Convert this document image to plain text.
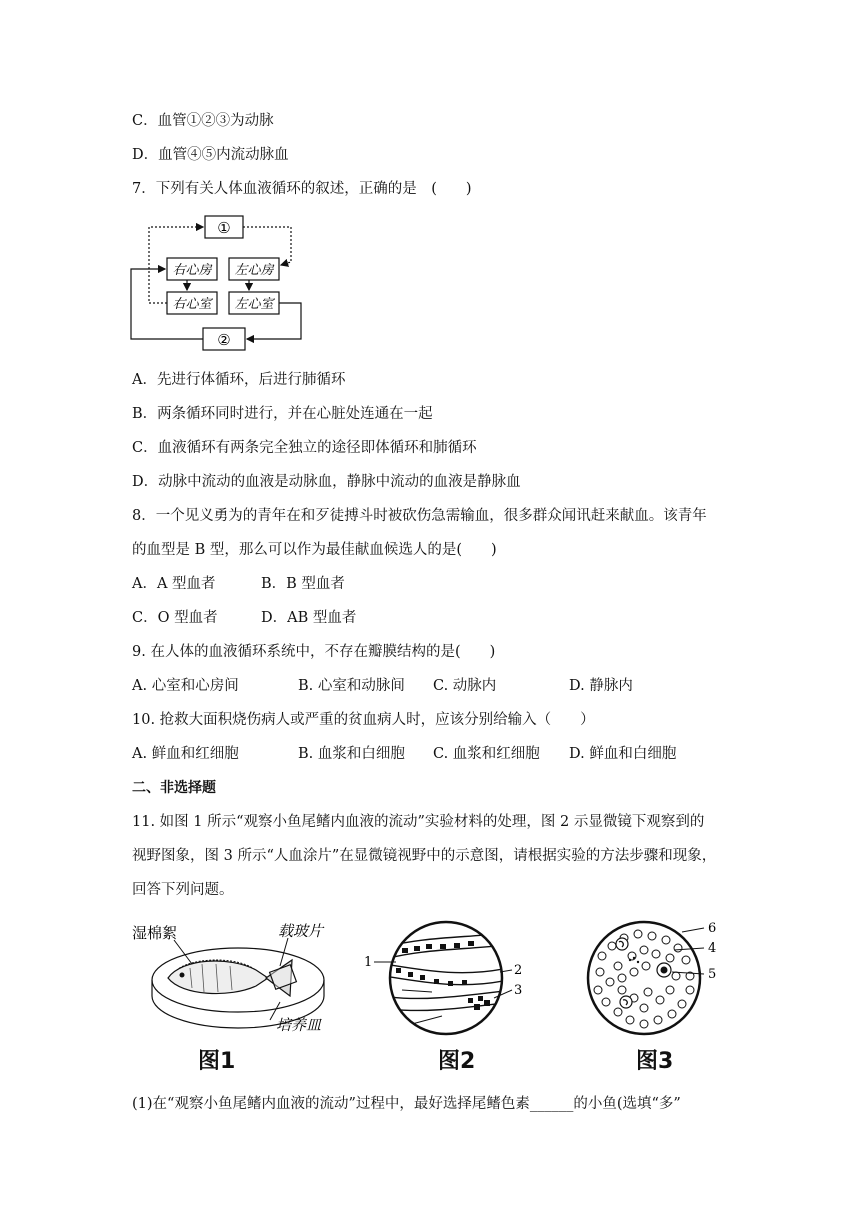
C．血管①②③为动脉
D．血管④⑤内流动脉血
7．下列有关人体血液循环的叙述，正确的是　(　　)
①
右心房 左心房
右心室 左心室
②
A．先进行体循环，后进行肺循环
B．两条循环同时进行，并在心脏处连通在一起
C．血液循环有两条完全独立的途径即体循环和肺循环
D．动脉中流动的血液是动脉血，静脉中流动的血液是静脉血
8．一个见义勇为的青年在和歹徒搏斗时被砍伤急需输血，很多群众闻讯赶来献血。该青年
的血型是 B 型，那么可以作为最佳献血候选人的是(　　)
A．A 型血者	B．B 型血者
C．O 型血者	D．AB 型血者
9. 在人体的血液循环系统中，不存在瓣膜结构的是(　　)
A. 心室和心房间	B. 心室和动脉间 C. 动脉内	D. 静脉内
10. 抢救大面积烧伤病人或严重的贫血病人时，应该分别给输入（　　）
A. 鲜血和红细胞	B. 血浆和白细胞 C. 血浆和红细胞 D. 鲜血和白细胞
二、非选择题
11. 如图 1 所示“观察小鱼尾鳍内血液的流动”实验材料的处理，图 2 示显微镜下观察到的
视野图象，图 3 所示“人血涂片”在显微镜视野中的示意图，请根据实验的方法步骤和现象，
回答下列问题。
湿棉絮	载玻片
培养皿
图1
1
2
3
图2
6
4
5
图3
(1)在“观察小鱼尾鳍内血液的流动”过程中，最好选择尾鳍色素______的小鱼(选填“多”
